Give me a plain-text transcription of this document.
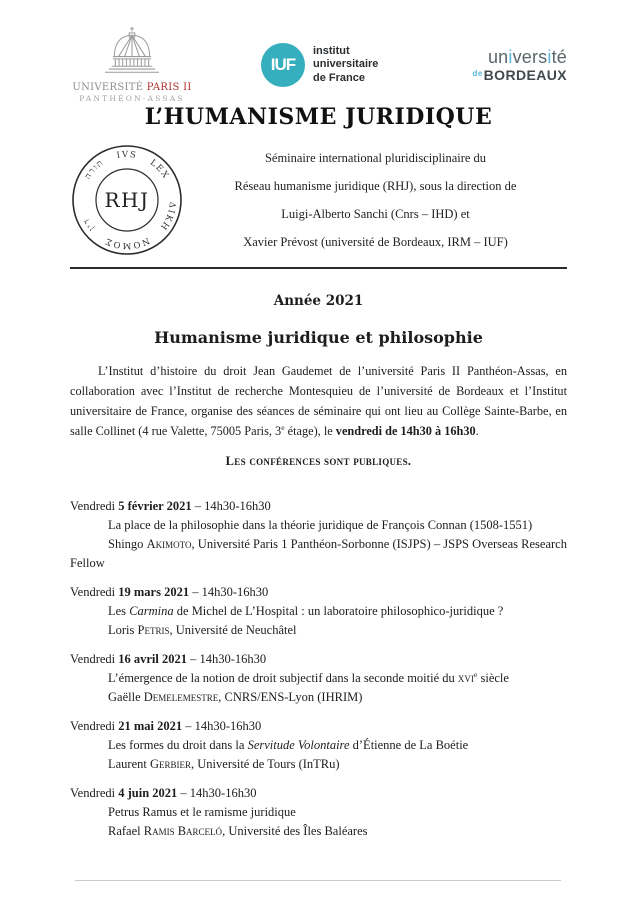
UNIVERSITÉ PARIS II
PANTHÉON-ASSAS
IUF
institut
universitaire
de France
université
$^{de}$BORDEAUX
L’HUMANISME JURIDIQUE
תורה
IVS
LEX
ΔΙΚΗ
ΝΟΜΟΣ
דין
RHJ

Séminaire international pluridisciplinaire du

Réseau humanisme juridique (RHJ), sous la direction de

Luigi-Alberto Sanchi (Cnrs – IHD) et

Xavier Prévost (université de Bordeaux, IRM – IUF)

Année 2021
Humanisme juridique et philosophie

L’Institut d’histoire du droit Jean Gaudemet de l’université Paris II Panthéon-Assas, en collaboration avec l’Institut de recherche Montesquieu de l’université de Bordeaux et l’Institut universitaire de France, organise des séances de séminaire qui ont lieu au Collège Sainte-Barbe, en salle Collinet (4 rue Valette, 75005 Paris, 3e étage), le vendredi de 14h30 à 16h30.

Les conférences sont publiques.

Vendredi 5 février 2021 – 14h30-16h30

La place de la philosophie dans la théorie juridique de François Connan (1508-1551)

Shingo Akimoto, Université Paris 1 Panthéon-Sorbonne (ISJPS) – JSPS Overseas Research Fellow

Vendredi 19 mars 2021 – 14h30-16h30

Les Carmina de Michel de L’Hospital : un laboratoire philosophico-juridique ?

Loris Petris, Université de Neuchâtel

Vendredi 16 avril 2021 – 14h30-16h30

L’émergence de la notion de droit subjectif dans la seconde moitié du xvi$^e$ siècle

Gaëlle Demelemestre, CNRS/ENS-Lyon (IHRIM)

Vendredi 21 mai 2021 – 14h30-16h30

Les formes du droit dans la Servitude Volontaire d’Étienne de La Boétie

Laurent Gerbier, Université de Tours (InTRu)

Vendredi 4 juin 2021 – 14h30-16h30

Petrus Ramus et le ramisme juridique

Rafael Ramis Barceló, Université des Îles Baléares
